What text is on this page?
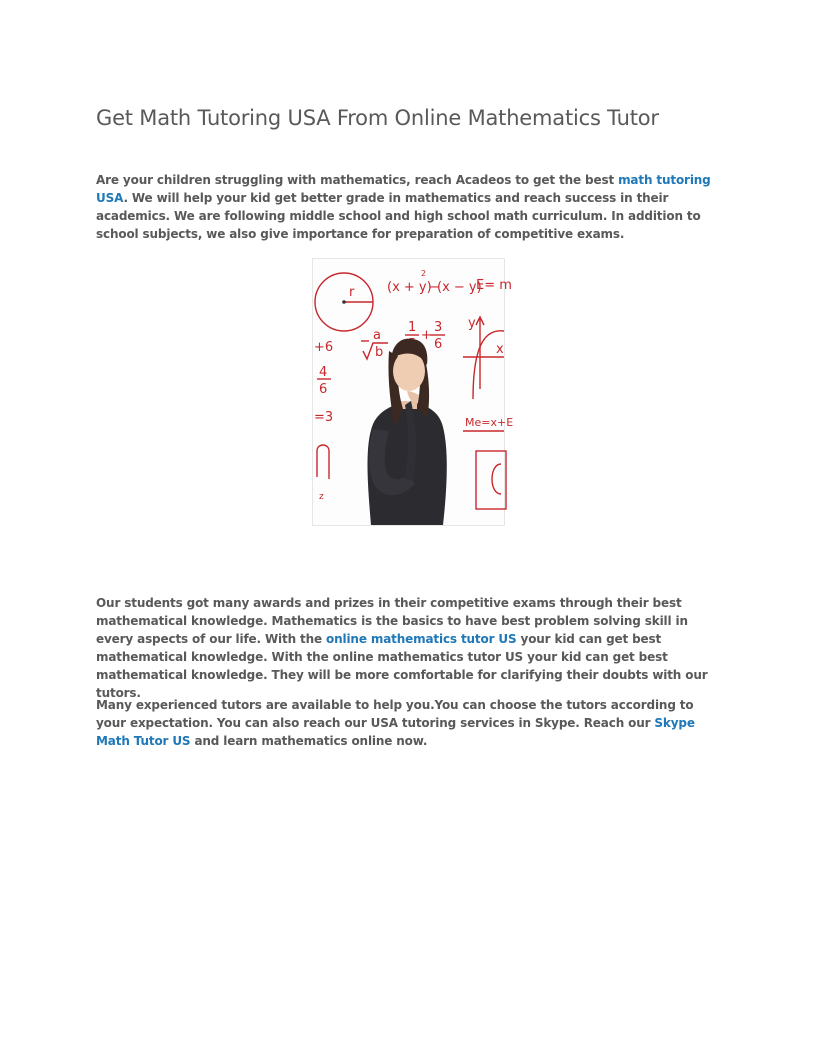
Get Math Tutoring USA From Online Mathematics Tutor

Are your children struggling with mathematics, reach Acadeos to get the best math tutoring USA. We will help your kid get better grade in mathematics and reach success in their academics. We are following middle school and high school math curriculum. In addition to school subjects, we also give importance for preparation of competitive exams.

r	(x + y)
2
−
(x − y)
E= m
a
b
1
+
3
6
y
x
+6
4
6
=3	Me=x+E
z

Our students got many awards and prizes in their competitive exams through their best mathematical knowledge. Mathematics is the basics to have best problem solving skill in every aspects of our life. With the online mathematics tutor US your kid can get best mathematical knowledge. With the online mathematics tutor US your kid can get best mathematical knowledge. They will be more comfortable for clarifying their doubts with our tutors.

Many experienced tutors are available to help you.You can choose the tutors according to your expectation. You can also reach our USA tutoring services in Skype. Reach our Skype Math Tutor US and learn mathematics online now.
